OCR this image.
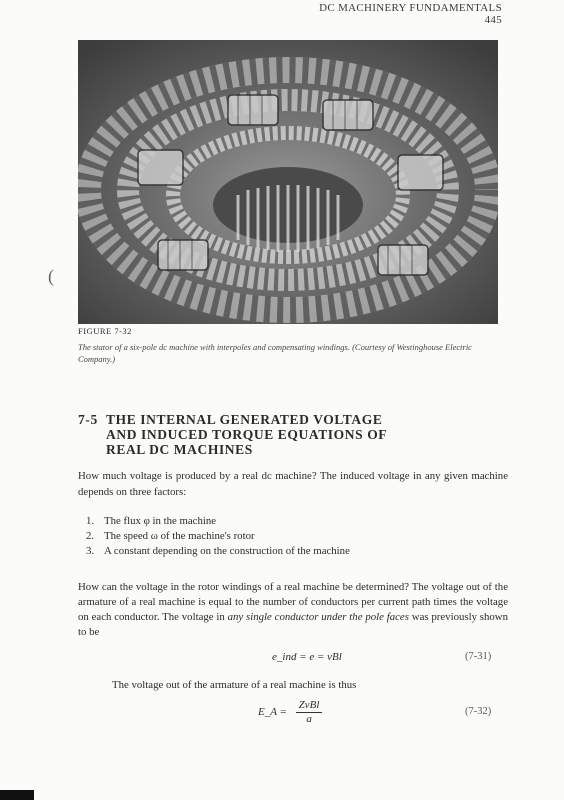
DC MACHINERY FUNDAMENTALS 445
(
FIGURE 7-32
The stator of a six-pole dc machine with interpoles and compensating windings. (Courtesy of Westinghouse Electric Company.)
7-5 THE INTERNAL GENERATED VOLTAGE
AND INDUCED TORQUE EQUATIONS OF
REAL DC MACHINES
How much voltage is produced by a real dc machine? The induced voltage in any given machine depends on three factors:
1. The flux φ in the machine
2. The speed ω of the machine's rotor
3. A constant depending on the construction of the machine
How can the voltage in the rotor windings of a real machine be determined? The voltage out of the armature of a real machine is equal to the number of conductors per current path times the voltage on each conductor. The voltage in any single conductor under the pole faces was previously shown to be
e_ind = e = vBl	(7-31)
The voltage out of the armature of a real machine is thus
E_A = $\frac{\text{ZvBl}}{a}$	(7-32)
